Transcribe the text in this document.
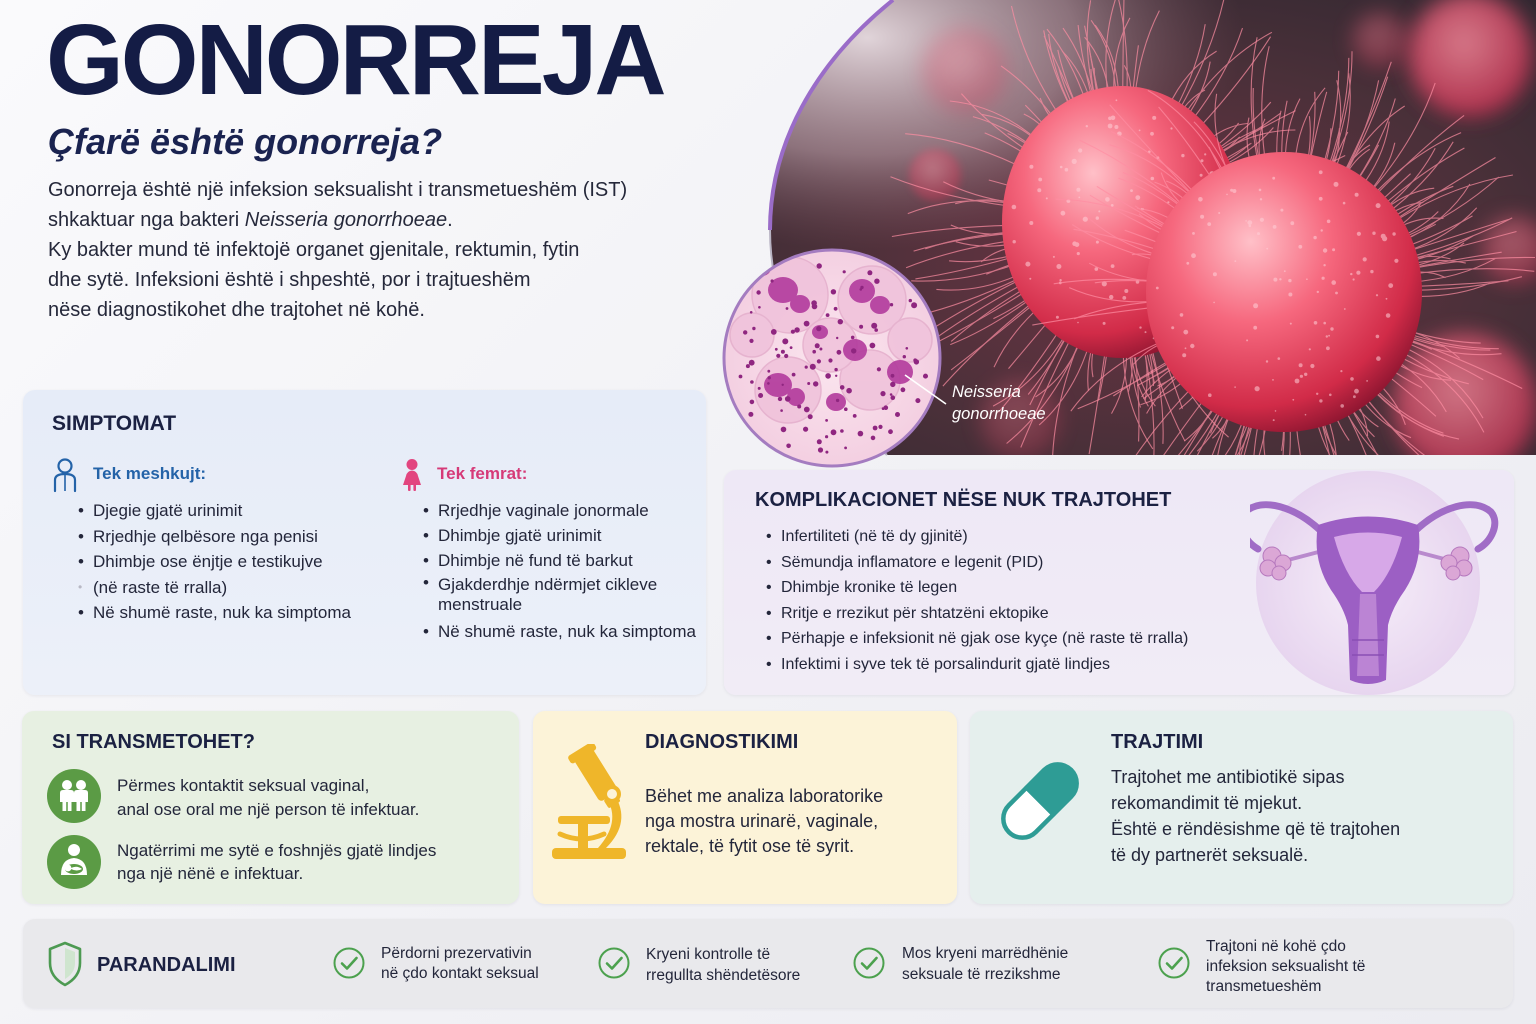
GONORREJA
Çfarë është gonorreja?
Gonorreja është një infeksion seksualisht i transmetueshëm (IST)
shkaktuar nga bakteri Neisseria gonorrhoeae.
Ky bakter mund të infektojë organet gjenitale, rektumin, fytin
dhe sytë. Infeksioni është i shpeshtë, por i trajtueshëm
nëse diagnostikohet dhe trajtohet në kohë.
Neisseria
gonorrhoeae
SIMPTOMAT
Tek meshkujt:
• Djegie gjatë urinimit
• Rrjedhje qelbësore nga penisi
• Dhimbje ose ënjtje e testikujve
• (në raste të rralla)
• Në shumë raste, nuk ka simptoma
Tek femrat:
• Rrjedhje vaginale jonormale
• Dhimbje gjatë urinimit
• Dhimbje në fund të barkut
• Gjakderdhje ndërmjet cikleve menstruale
• Në shumë raste, nuk ka simptoma
KOMPLIKACIONET NËSE NUK TRAJTOHET
• Infertiliteti (në të dy gjinitë)
• Sëmundja inflamatore e legenit (PID)
• Dhimbje kronike të legen
• Rritje e rrezikut për shtatzëni ektopike
• Përhapje e infeksionit në gjak ose kyçe (në raste të rralla)
• Infektimi i syve tek të porsalindurit gjatë lindjes
SI TRANSMETOHET?
Përmes kontaktit seksual vaginal,
anal ose oral me një person të infektuar.
Ngatërrimi me sytë e foshnjës gjatë lindjes
nga një nënë e infektuar.
DIAGNOSTIKIMI
Bëhet me analiza laboratorike
nga mostra urinarë, vaginale,
rektale, të fytit ose të syrit.
TRAJTIMI
Trajtohet me antibiotikë sipas
rekomandimit të mjekut.
Është e rëndësishme që të trajtohen
të dy partnerët seksualë.
PARANDALIMI
Përdorni prezervativin
në çdo kontakt seksual
Kryeni kontrolle të
rregullta shëndetësore
Mos kryeni marrëdhënie
seksuale të rrezikshme
Trajtoni në kohë çdo
infeksion seksualisht të
transmetueshëm
